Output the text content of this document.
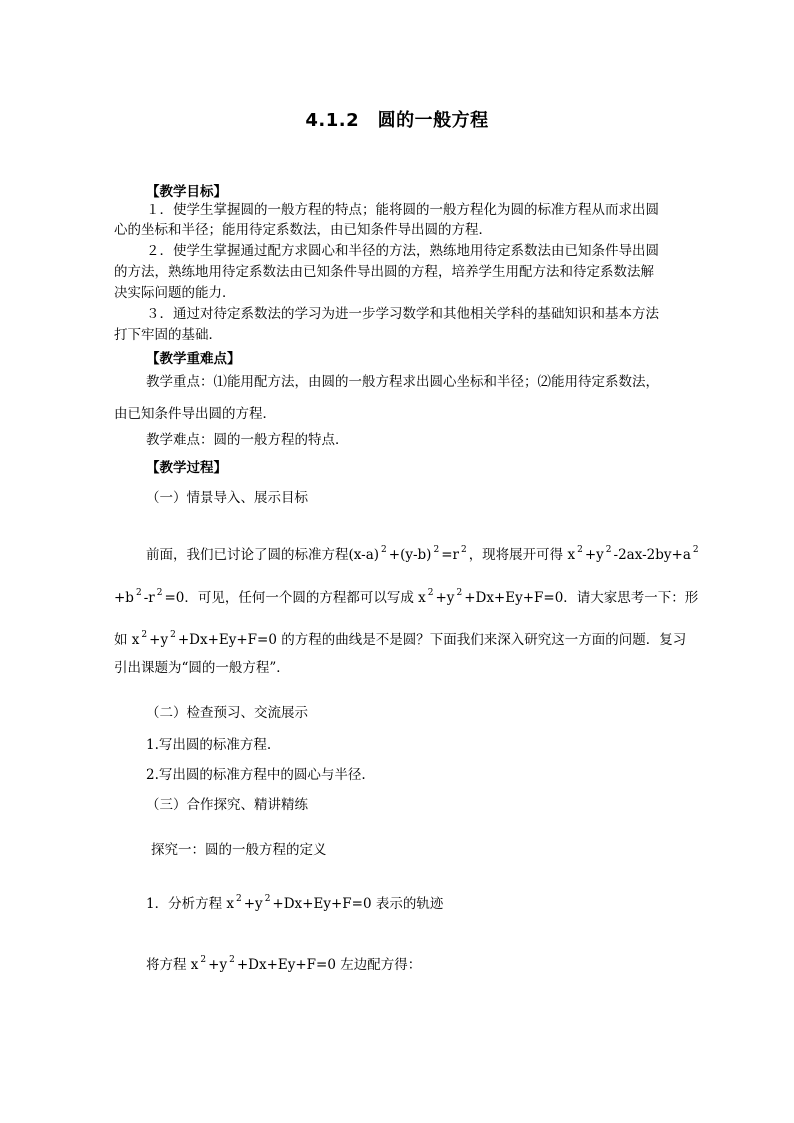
4.1.2　圆的一般方程
【教学目标】
１．使学生掌握圆的一般方程的特点；能将圆的一般方程化为圆的标准方程从而求出圆
心的坐标和半径；能用待定系数法，由已知条件导出圆的方程．
２．使学生掌握通过配方求圆心和半径的方法，熟练地用待定系数法由已知条件导出圆
的方法，熟练地用待定系数法由已知条件导出圆的方程，培养学生用配方法和待定系数法解
决实际问题的能力．
３．通过对待定系数法的学习为进一步学习数学和其他相关学科的基础知识和基本方法
打下牢固的基础．
【教学重难点】
教学重点：⑴能用配方法，由圆的一般方程求出圆心坐标和半径；⑵能用待定系数法，
由已知条件导出圆的方程．
教学难点：圆的一般方程的特点．
【教学过程】
（一）情景导入、展示目标
前面，我们已讨论了圆的标准方程(x-a) $^2$ +(y-b) $^2$ =r $^2$ ，现将展开可得 x $^2$ +y $^2$ -2ax-2by+a $^2$
+b $^2$ -r $^2$ =0．可见，任何一个圆的方程都可以写成 x $^2$ +y $^2$ +Dx+Ey+F=0．请大家思考一下：形
如 x $^2$ +y $^2$ +Dx+Ey+F=0 的方程的曲线是不是圆？下面我们来深入研究这一方面的问题．复习
引出课题为“圆的一般方程”．
（二）检查预习、交流展示
1.写出圆的标准方程.
2.写出圆的标准方程中的圆心与半径.
（三）合作探究、精讲精练
探究一：圆的一般方程的定义
1．分析方程 x $^2$ +y $^2$ +Dx+Ey+F=0 表示的轨迹
将方程 x $^2$ +y $^2$ +Dx+Ey+F=0 左边配方得：
